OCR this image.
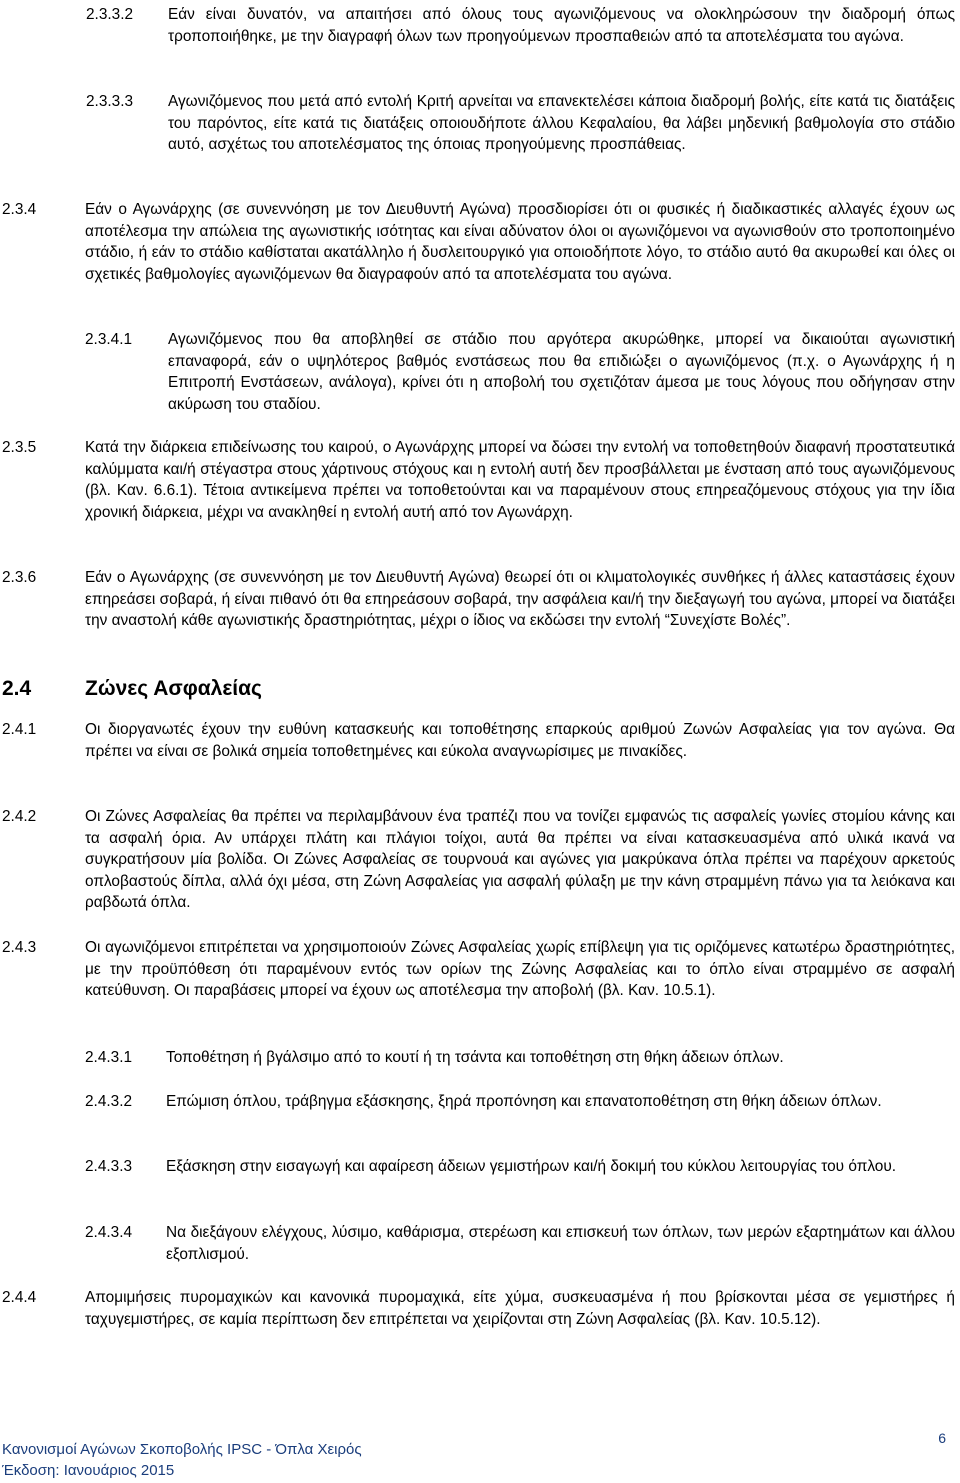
2.3.3.2 Εάν είναι δυνατόν, να απαιτήσει από όλους τους αγωνιζόμενους να ολοκληρώσουν την διαδρομή όπως τροποποιήθηκε, με την διαγραφή όλων των προηγούμενων προσπαθειών από τα αποτελέσματα του αγώνα.

2.3.3.3 Αγωνιζόμενος που μετά από εντολή Κριτή αρνείται να επανεκτελέσει κάποια διαδρομή βολής, είτε κατά τις διατάξεις του παρόντος, είτε κατά τις διατάξεις οποιουδήποτε άλλου Κεφαλαίου, θα λάβει μηδενική βαθμολογία στο στάδιο αυτό, ασχέτως του αποτελέσματος της όποιας προηγούμενης προσπάθειας.

2.3.4	Εάν ο Αγωνάρχης (σε συνεννόηση με τον Διευθυντή Αγώνα) προσδιορίσει ότι οι φυσικές ή διαδικαστικές αλλαγές έχουν ως αποτέλεσμα την απώλεια της αγωνιστικής ισότητας και είναι αδύνατον όλοι οι αγωνιζόμενοι να αγωνισθούν στο τροποποιημένο στάδιο, ή εάν το στάδιο καθίσταται ακατάλληλο ή δυσλειτουργικό για οποιοδήποτε λόγο, το στάδιο αυτό θα ακυρωθεί και όλες οι σχετικές βαθμολογίες αγωνιζόμενων θα διαγραφούν από τα αποτελέσματα του αγώνα.

2.3.4.1 Αγωνιζόμενος που θα αποβληθεί σε στάδιο που αργότερα ακυρώθηκε, μπορεί να δικαιούται αγωνιστική επαναφορά, εάν ο υψηλότερος βαθμός ενστάσεως που θα επιδιώξει ο αγωνιζόμενος (π.χ. ο Αγωνάρχης ή η Επιτροπή Ενστάσεων, ανάλογα), κρίνει ότι η αποβολή του σχετιζόταν άμεσα με τους λόγους που οδήγησαν στην ακύρωση του σταδίου.

2.3.5	Κατά την διάρκεια επιδείνωσης του καιρού, ο Αγωνάρχης μπορεί να δώσει την εντολή να τοποθετηθούν διαφανή προστατευτικά καλύμματα και/ή στέγαστρα στους χάρτινους στόχους και η εντολή αυτή δεν προσβάλλεται με ένσταση από τους αγωνιζόμενους (βλ. Καν. 6.6.1). Τέτοια αντικείμενα πρέπει να τοποθετούνται και να παραμένουν στους επηρεαζόμενους στόχους για την ίδια χρονική διάρκεια, μέχρι να ανακληθεί η εντολή αυτή από τον Αγωνάρχη.

2.3.6	Εάν ο Αγωνάρχης (σε συνεννόηση με τον Διευθυντή Αγώνα) θεωρεί ότι οι κλιματολογικές συνθήκες ή άλλες καταστάσεις έχουν επηρεάσει σοβαρά, ή είναι πιθανό ότι θα επηρεάσουν σοβαρά, την ασφάλεια και/ή την διεξαγωγή του αγώνα, μπορεί να διατάξει την αναστολή κάθε αγωνιστικής δραστηριότητας, μέχρι ο ίδιος να εκδώσει την εντολή “Συνεχίστε Βολές”.

2.4	Ζώνες Ασφαλείας
2.4.1	Οι διοργανωτές έχουν την ευθύνη κατασκευής και τοποθέτησης επαρκούς αριθμού Ζωνών Ασφαλείας για τον αγώνα. Θα πρέπει να είναι σε βολικά σημεία τοποθετημένες και εύκολα αναγνωρίσιμες με πινακίδες.

2.4.2	Οι Ζώνες Ασφαλείας θα πρέπει να περιλαμβάνουν ένα τραπέζι που να τονίζει εμφανώς τις ασφαλείς γωνίες στομίου κάνης και τα ασφαλή όρια. Αν υπάρχει πλάτη και πλάγιοι τοίχοι, αυτά θα πρέπει να είναι κατασκευασμένα από υλικά ικανά να συγκρατήσουν μία βολίδα. Οι Ζώνες Ασφαλείας σε τουρνουά και αγώνες για μακρύκανα όπλα πρέπει να παρέχουν αρκετούς οπλοβαστούς δίπλα, αλλά όχι μέσα, στη Ζώνη Ασφαλείας για ασφαλή φύλαξη με την κάνη στραμμένη πάνω για τα λειόκανα και ραβδωτά όπλα.

2.4.3	Οι αγωνιζόμενοι επιτρέπεται να χρησιμοποιούν Ζώνες Ασφαλείας χωρίς επίβλεψη για τις οριζόμενες κατωτέρω δραστηριότητες, με την προϋπόθεση ότι παραμένουν εντός των ορίων της Ζώνης Ασφαλείας και το όπλο είναι στραμμένο σε ασφαλή κατεύθυνση. Οι παραβάσεις μπορεί να έχουν ως αποτέλεσμα την αποβολή (βλ. Καν. 10.5.1).

2.4.3.1 Τοποθέτηση ή βγάλσιμο από το κουτί ή τη τσάντα και τοποθέτηση στη θήκη άδειων όπλων.

2.4.3.2 Επώμιση όπλου, τράβηγμα εξάσκησης, ξηρά προπόνηση και επανατοποθέτηση στη θήκη άδειων όπλων.

2.4.3.3 Εξάσκηση στην εισαγωγή και αφαίρεση άδειων γεμιστήρων και/ή δοκιμή του κύκλου λειτουργίας του όπλου.

2.4.3.4 Να διεξάγουν ελέγχους, λύσιμο, καθάρισμα, στερέωση και επισκευή των όπλων, των μερών εξαρτημάτων και άλλου εξοπλισμού.

2.4.4	Απομιμήσεις πυρομαχικών και κανονικά πυρομαχικά, είτε χύμα, συσκευασμένα ή που βρίσκονται μέσα σε γεμιστήρες ή ταχυγεμιστήρες, σε καμία περίπτωση δεν επιτρέπεται να χειρίζονται στη Ζώνη Ασφαλείας (βλ. Καν. 10.5.12).

Κανονισμοί Αγώνων Σκοποβολής IPSC - Όπλα Χειρός
Έκδοση: Ιανουάριος 2015
6
